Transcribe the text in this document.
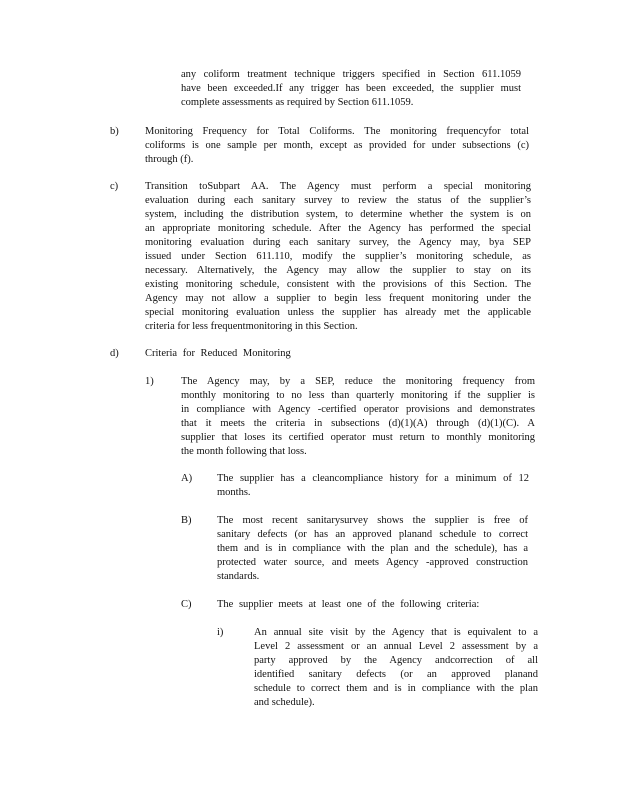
any coliform treatment technique triggers specified in Section 611.1059
have been exceeded.If any trigger has been exceeded, the supplier must
complete assessments as required by Section 611.1059.
b)	Monitoring Frequency for Total Coliforms. The monitoring frequencyfor total
coliforms is one sample per month, except as provided for under subsections (c)
through (f).
c)	Transition toSubpart AA. The Agency must perform a special monitoring
evaluation during each sanitary survey to review the status of the supplier’s
system, including the distribution system, to determine whether the system is on
an appropriate monitoring schedule. After the Agency has performed the special
monitoring evaluation during each sanitary survey, the Agency may, bya SEP
issued under Section 611.110, modify the supplier’s monitoring schedule, as
necessary. Alternatively, the Agency may allow the supplier to stay on its
existing monitoring schedule, consistent with the provisions of this Section. The
Agency may not allow a supplier to begin less frequent monitoring under the
special monitoring evaluation unless the supplier has already met the applicable
criteria for less frequentmonitoring in this Section.
d)	Criteria for Reduced Monitoring
1)	The Agency may, by a SEP, reduce the monitoring frequency from
monthly monitoring to no less than quarterly monitoring if the supplier is
in compliance with Agency -certified operator provisions and demonstrates
that it meets the criteria in subsections (d)(1)(A) through (d)(1)(C). A
supplier that loses its certified operator must return to monthly monitoring
the month following that loss.
A) The supplier has a cleancompliance history for a minimum of 12
months.
B) The most recent sanitarysurvey shows the supplier is free of
sanitary defects (or has an approved planand schedule to correct
them and is in compliance with the plan and the schedule), has a
protected water source, and meets Agency -approved construction
standards.
C) The supplier meets at least one of the following criteria:
i)	An annual site visit by the Agency that is equivalent to a
Level 2 assessment or an annual Level 2 assessment by a
party approved by the Agency andcorrection of all
identified sanitary defects (or an approved planand
schedule to correct them and is in compliance with the plan
and schedule).
